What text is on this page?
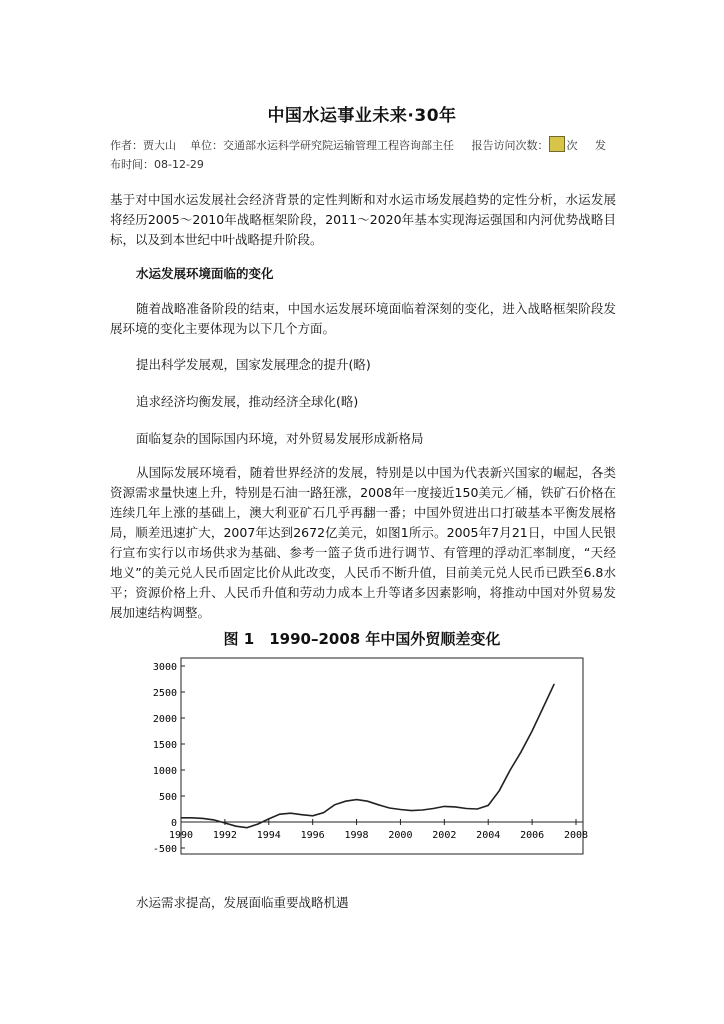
中国水运事业未来·30年
作者：贾大山 单位：交通部水运科学研究院运输管理工程咨询部主任 报告访问次数： 次 发布时间：08-12-29
基于对中国水运发展社会经济背景的定性判断和对水运市场发展趋势的定性分析，水运发展将经历2005～2010年战略框架阶段，2011～2020年基本实现海运强国和内河优势战略目标，以及到本世纪中叶战略提升阶段。
水运发展环境面临的变化
随着战略准备阶段的结束，中国水运发展环境面临着深刻的变化，进入战略框架阶段发展环境的变化主要体现为以下几个方面。
提出科学发展观，国家发展理念的提升(略)
追求经济均衡发展，推动经济全球化(略)
面临复杂的国际国内环境，对外贸易发展形成新格局
从国际发展环境看，随着世界经济的发展，特别是以中国为代表新兴国家的崛起，各类资源需求量快速上升，特别是石油一路狂涨，2008年一度接近150美元／桶，铁矿石价格在连续几年上涨的基础上，澳大利亚矿石几乎再翻一番；中国外贸进出口打破基本平衡发展格局，顺差迅速扩大，2007年达到2672亿美元，如图1所示。2005年7月21日，中国人民银行宣布实行以市场供求为基础、参考一篮子货币进行调节、有管理的浮动汇率制度，“天经地义”的美元兑人民币固定比价从此改变，人民币不断升值，目前美元兑人民币已跌至6.8水平；资源价格上升、人民币升值和劳动力成本上升等诸多因素影响，将推动中国对外贸易发展加速结构调整。
图 1　1990–2008 年中国外贸顺差变化
3000
2500
2000
1500
1000
500
0
-500
1990 1992 1994 1996 1998 2000 2002 2004 2006 2008
水运需求提高，发展面临重要战略机遇
